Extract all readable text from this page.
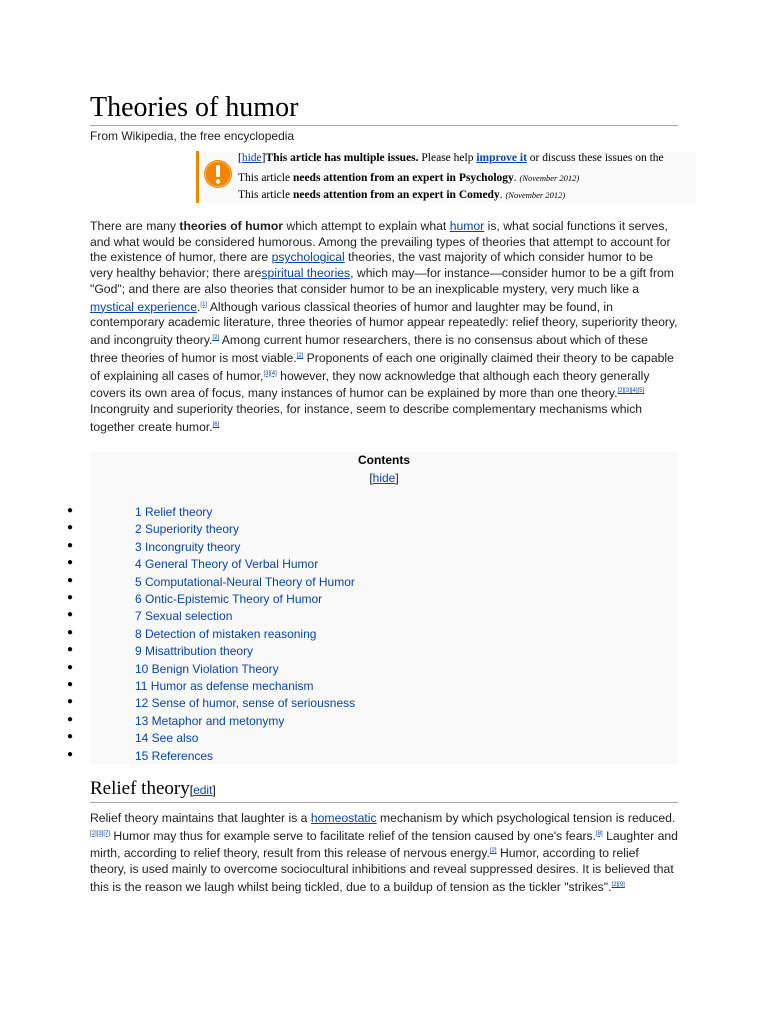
Theories of humor
From Wikipedia, the free encyclopedia
[hide]This article has multiple issues. Please help improve it or discuss these issues on the
This article needs attention from an expert in Psychology. (November 2012)
This article needs attention from an expert in Comedy. (November 2012)

There are many theories of humor which attempt to explain what humor is, what social functions it serves, and what would be considered humorous. Among the prevailing types of theories that attempt to account for the existence of humor, there are psychological theories, the vast majority of which consider humor to be very healthy behavior; there arespiritual theories, which may—for instance—consider humor to be a gift from "God"; and there are also theories that consider humor to be an inexplicable mystery, very much like a mystical experience.[1] Although various classical theories of humor and laughter may be found, in contemporary academic literature, three theories of humor appear repeatedly: relief theory, superiority theory, and incongruity theory.[2] Among current humor researchers, there is no consensus about which of these three theories of humor is most viable.[2] Proponents of each one originally claimed their theory to be capable of explaining all cases of humor,[3][4] however, they now acknowledge that although each theory generally covers its own area of focus, many instances of humor can be explained by more than one theory.[2][3][4][5] Incongruity and superiority theories, for instance, seem to describe complementary mechanisms which together create humor.[6]

Contents
[hide]
●	1 Relief theory
●	2 Superiority theory
●	3 Incongruity theory
●	4 General Theory of Verbal Humor
●	5 Computational-Neural Theory of Humor
●	6 Ontic-Epistemic Theory of Humor
●	7 Sexual selection
●	8 Detection of mistaken reasoning
●	9 Misattribution theory
●	10 Benign Violation Theory
●	11 Humor as defense mechanism
●	12 Sense of humor, sense of seriousness
●	13 Metaphor and metonymy
●	14 See also
●	15 References
Relief theory[edit]

Relief theory maintains that laughter is a homeostatic mechanism by which psychological tension is reduced.[2][3][7] Humor may thus for example serve to facilitate relief of the tension caused by one's fears.[8] Laughter and mirth, according to relief theory, result from this release of nervous energy.[2] Humor, according to relief theory, is used mainly to overcome sociocultural inhibitions and reveal suppressed desires. It is believed that this is the reason we laugh whilst being tickled, due to a buildup of tension as the tickler "strikes".[2][9]
